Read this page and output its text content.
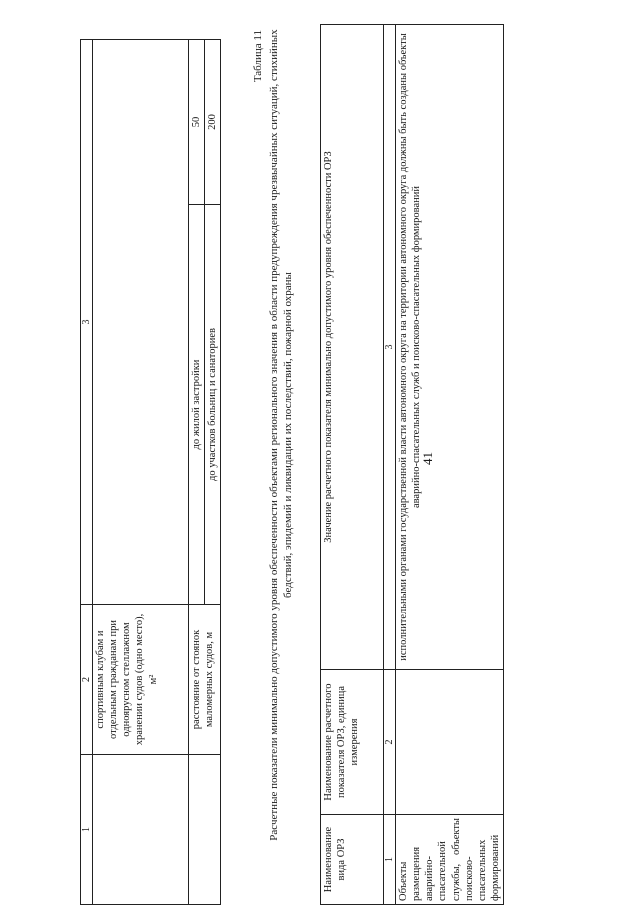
41
1	2	3	
	спортивным клубам и отдельным гражданам при одноярусном стеллажном хранении судов (одно место), м²		
	расстояние от стоянок маломерных судов, м	до жилой застройки	50
		до участков больниц и санаториев	200
Таблица 11 Расчетные показатели минимально допустимого уровня обеспеченности объектами регионального значения в области предупреждения чрезвычайных ситуаций, стихийных бедствий, эпидемий и ликвидации их последствий, пожарной охраны
Наименование вида ОРЗ	Наименование расчетного показателя ОРЗ, единица измерения	Значение расчетного показателя минимально допустимого уровня обеспеченности ОРЗ
1	2	3
Объекты размещения аварийно-спасательной службы, объекты поисково-спасательных формирований		исполнительными органами государственной власти автономного округа на территории автономного округа должны быть созданы объекты аварийно-спасательных служб и поисково-спасательных формирований
